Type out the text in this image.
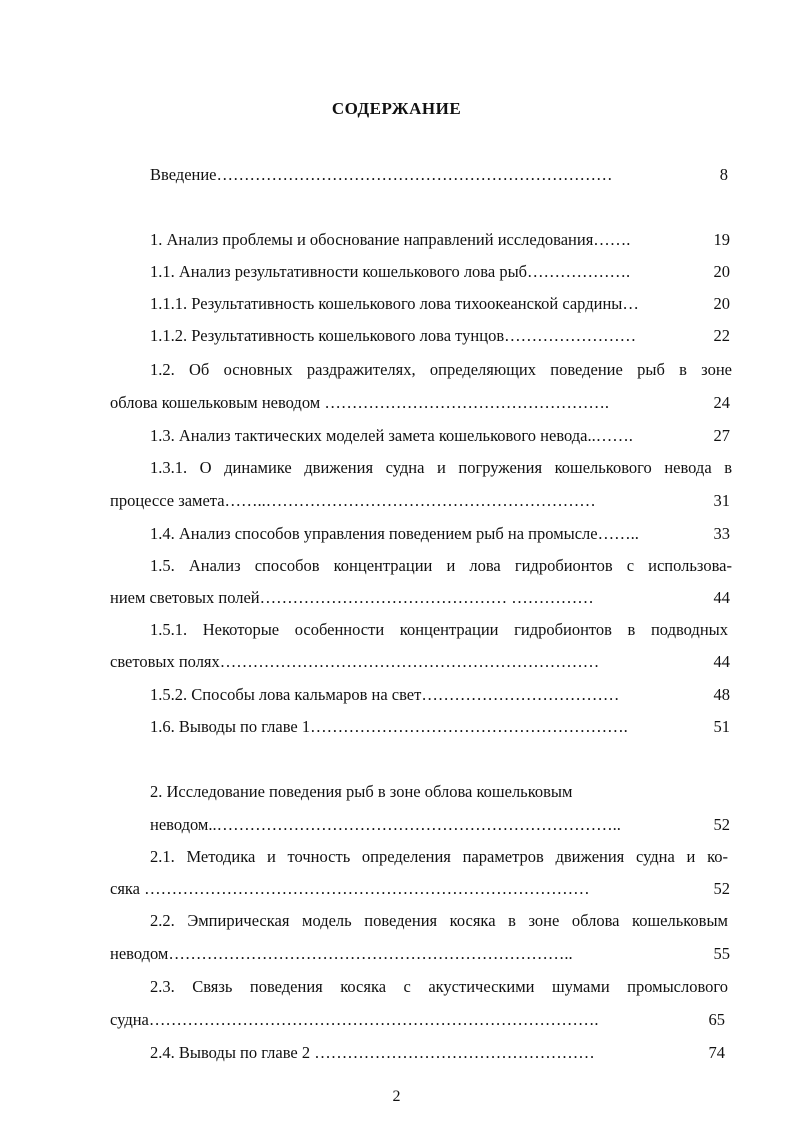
СОДЕРЖАНИЕ
Введение………………………………………………………………	8
1. Анализ проблемы и обоснование направлений исследования…….	19
1.1. Анализ результативности кошелькового лова рыб……………….	20
1.1.1. Результативность кошелькового лова тихоокеанской сардины…	20
1.1.2. Результативность кошелькового лова тунцов……………………	22
1.2. Об основных раздражителях, определяющих поведение рыб в зоне
облова кошельковым неводом …………………………………………….	24
1.3. Анализ тактических моделей замета кошелькового невода..…….	27
1.3.1. О динамике движения судна и погружения кошелькового невода в
процессе замета……..……………………………………………………	31
1.4. Анализ способов управления поведением рыб на промысле……..	33
1.5. Анализ способов концентрации и лова гидробионтов с использова-
нием световых полей……………………………………… ……………	44
1.5.1. Некоторые особенности концентрации гидробионтов в подводных
световых полях……………………………………………………………	44
1.5.2. Способы лова кальмаров на свет………………………………	48
1.6. Выводы по главе 1………………………………………………….	51
2. Исследование поведения рыб в зоне облова кошельковым
неводом..………………………………………………………………..	52
2.1. Методика и точность определения параметров движения судна и ко-
сяка ………………………………………………………………………	52
2.2. Эмпирическая модель поведения косяка в зоне облова кошельковым
неводом………………………………………………………………..	55
2.3. Связь поведения косяка с акустическими шумами промыслового
судна……………………………………………………………………….	65
2.4. Выводы по главе 2 ……………………………………………	74
2
